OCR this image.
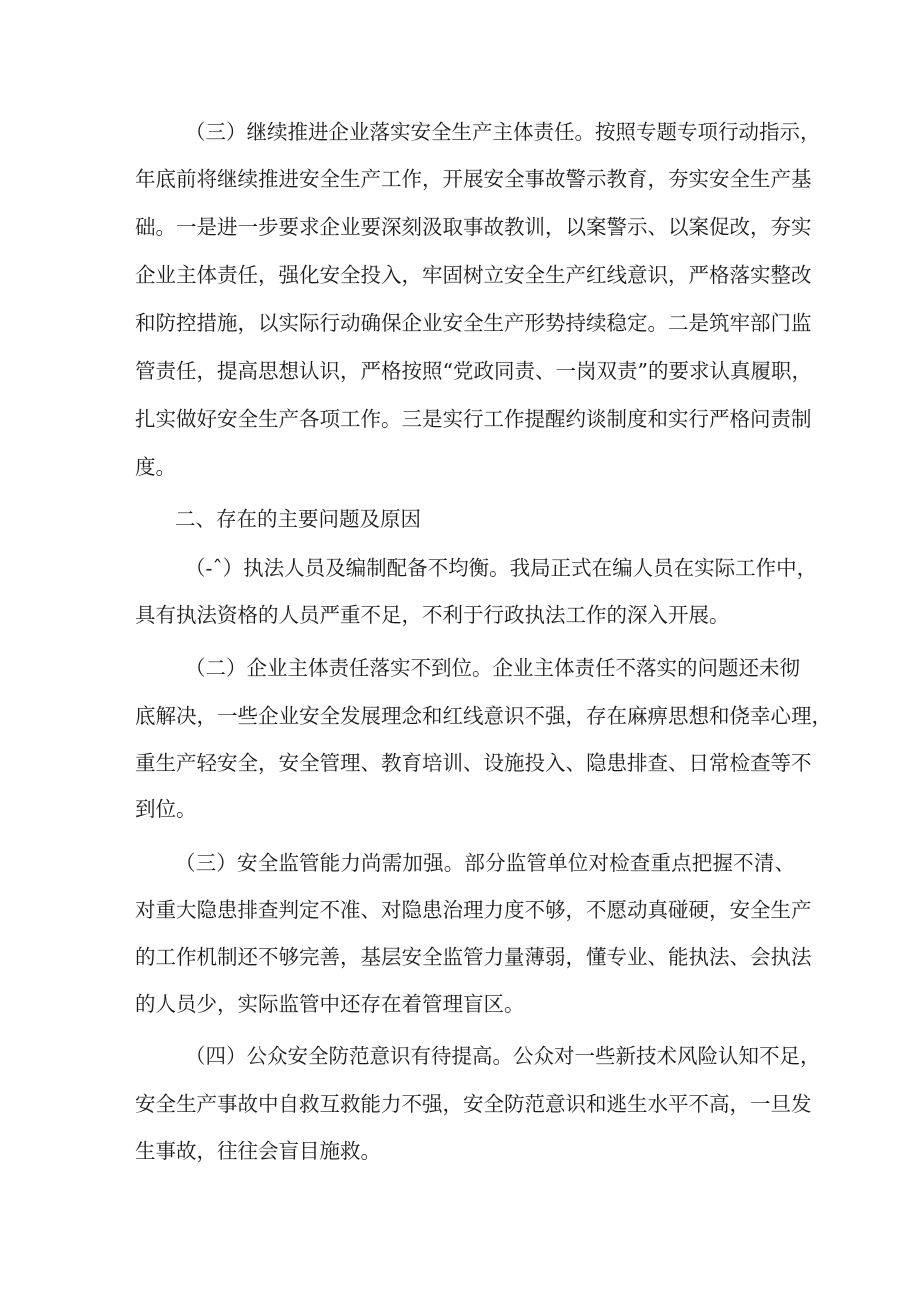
（三）继续推进企业落实安全生产主体责任。按照专题专项行动指示，
年底前将继续推进安全生产工作，开展安全事故警示教育，夯实安全生产基
础。一是进一步要求企业要深刻汲取事故教训，以案警示、以案促改，夯实
企业主体责任，强化安全投入，牢固树立安全生产红线意识，严格落实整改
和防控措施，以实际行动确保企业安全生产形势持续稳定。二是筑牢部门监
管责任，提高思想认识，严格按照“党政同责、一岗双责”的要求认真履职，
扎实做好安全生产各项工作。三是实行工作提醒约谈制度和实行严格问责制
度。
二、存在的主要问题及原因
（-ˆ）执法人员及编制配备不均衡。我局正式在编人员在实际工作中，
具有执法资格的人员严重不足，不利于行政执法工作的深入开展。
（二）企业主体责任落实不到位。企业主体责任不落实的问题还未彻
底解决，一些企业安全发展理念和红线意识不强，存在麻痹思想和侥幸心理，
重生产轻安全，安全管理、教育培训、设施投入、隐患排查、日常检查等不
到位。
（三）安全监管能力尚需加强。部分监管单位对检查重点把握不清、
对重大隐患排查判定不准、对隐患治理力度不够，不愿动真碰硬，安全生产
的工作机制还不够完善，基层安全监管力量薄弱，懂专业、能执法、会执法
的人员少，实际监管中还存在着管理盲区。
（四）公众安全防范意识有待提高。公众对一些新技术风险认知不足，
安全生产事故中自救互救能力不强，安全防范意识和逃生水平不高，一旦发
生事故，往往会盲目施救。
